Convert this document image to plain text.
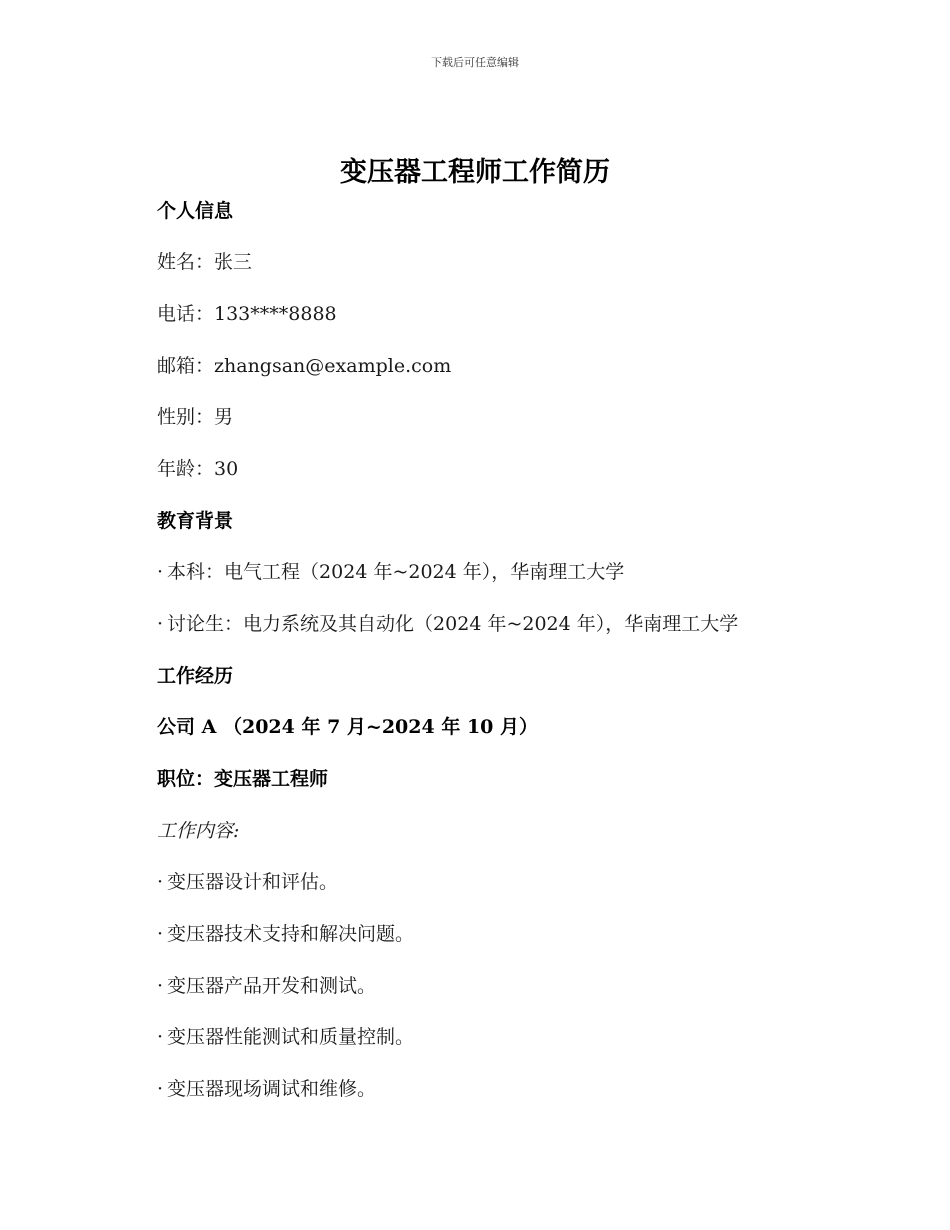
下载后可任意编辑
变压器工程师工作简历

个人信息

姓名：张三

电话：133****8888

邮箱：zhangsan@example.com

性别：男

年龄：30

教育背景

· 本科：电气工程（2024 年~2024 年），华南理工大学

· 讨论生：电力系统及其自动化（2024 年~2024 年），华南理工大学

工作经历

公司 A （2024 年 7 月~2024 年 10 月）

职位：变压器工程师

工作内容:

· 变压器设计和评估。

· 变压器技术支持和解决问题。

· 变压器产品开发和测试。

· 变压器性能测试和质量控制。

· 变压器现场调试和维修。
